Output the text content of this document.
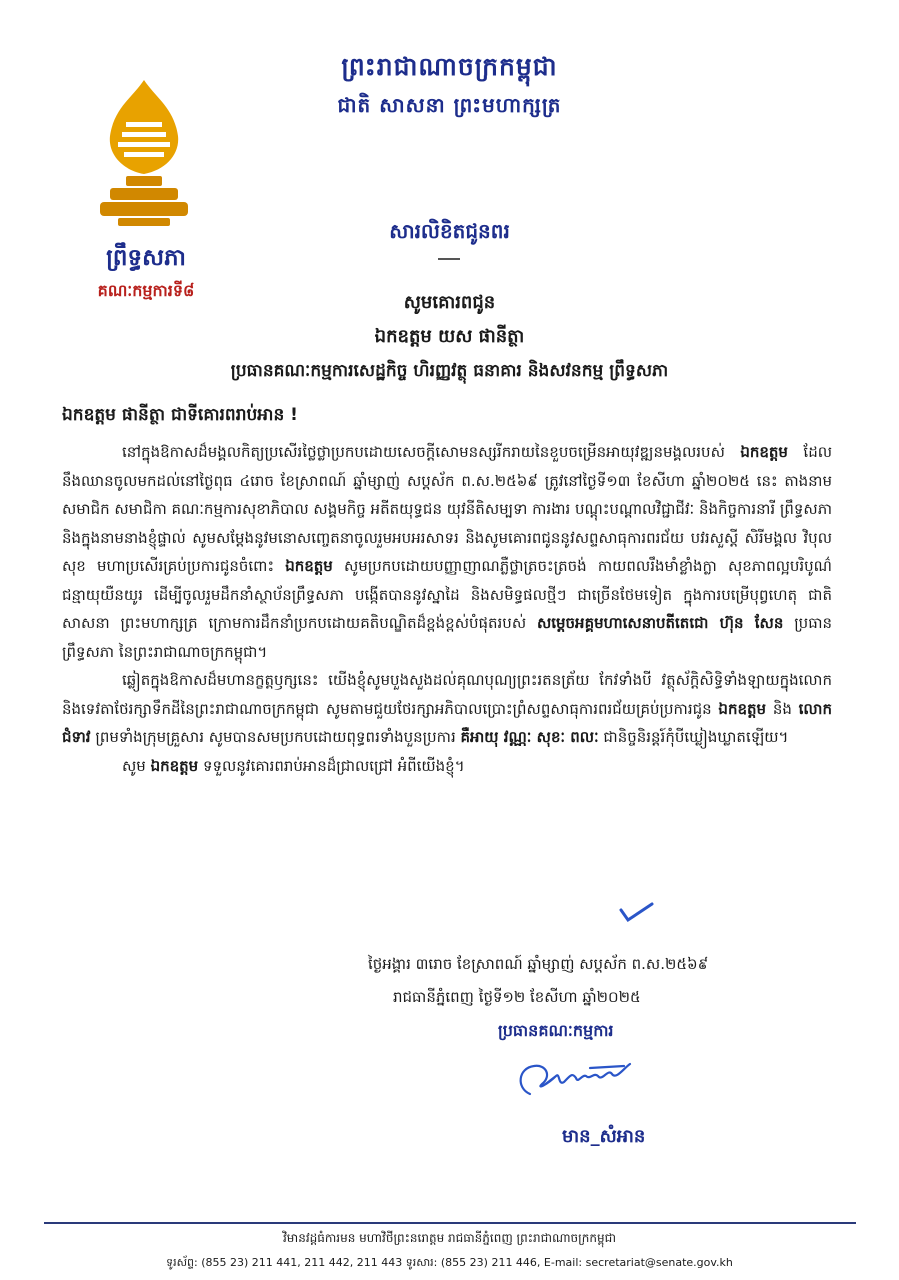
ព្រះរាជាណាចក្រកម្ពុជា
ជាតិ សាសនា ព្រះមហាក្សត្រ
ព្រឹទ្ធសភា
គណៈកម្មការទី៨
សារលិខិតជូនពរ
សូមគោរពជូន
ឯកឧត្តម យស ផានីត្ថា
ប្រធានគណៈកម្មការសេដ្ឋកិច្ច ហិរញ្ញវត្ថុ ធនាគារ និងសវនកម្ម ព្រឹទ្ធសភា
ឯកឧត្តម ផានីត្ថា ជាទីគោរពរាប់អាន !

នៅក្នុងឱកាសដ៏មង្គលកិត្យប្រសើរថ្លៃថ្លាប្រកបដោយសេចក្តីសោមនស្សរីករាយនៃខួបចម្រើនអាយុវឌ្ឍនមង្គលរបស់ ឯកឧត្តម ដែលនឹងឈានចូលមកដល់នៅថ្ងៃពុធ ៤រោច ខែស្រាពណ៍ ឆ្នាំម្សាញ់ សប្តស័ក ព.ស.២៥៦៩ ត្រូវនៅថ្ងៃទី១៣ ខែសីហា ឆ្នាំ២០២៥ នេះ តាងនាមសមាជិក សមាជិកា គណៈកម្មការសុខាភិបាល សង្គមកិច្ច អតីតយុទ្ធជន យុវនីតិសម្បទា ការងារ បណ្តុះបណ្តាលវិជ្ជាជីវៈ និងកិច្ចការនារី ព្រឹទ្ធសភា និងក្នុងនាមនាងខ្ញុំផ្ទាល់ សូមសម្តែងនូវមនោសញ្ចេតនាចូលរួមអបអរសាទរ និងសូមគោរពជូននូវសព្ទសាធុការពរជ័យ បវរសួស្តី សិរីមង្គល វិបុលសុខ មហាប្រសើរគ្រប់ប្រការជូនចំពោះ ឯកឧត្តម សូមប្រកបដោយបញ្ញាញាណភ្លឺថ្លាត្រចះត្រចង់ កាយពលរឹងមាំខ្លាំងក្លា សុខភាពល្អបរិបូណ៌ ជន្មាយុយឺនយូរ ដើម្បីចូលរួមដឹកនាំស្ថាប័នព្រឹទ្ធសភា បង្កើតបាននូវស្នាដៃ និងសមិទ្ធផលថ្មីៗ ជាច្រើនថែមទៀត ក្នុងការបម្រើបុព្វហេតុ ជាតិ សាសនា ព្រះមហាក្សត្រ ក្រោមការដឹកនាំប្រកបដោយគតិបណ្ឌិតដ៏ខ្ពង់ខ្ពស់បំផុតរបស់ សម្តេចអគ្គមហាសេនាបតីតេជោ ហ៊ុន សែន ប្រធានព្រឹទ្ធសភា នៃព្រះរាជាណាចក្រកម្ពុជា។

ឆ្លៀតក្នុងឱកាសដ៏មហានក្ខត្តឫក្សនេះ យើងខ្ញុំសូមបួងសួងដល់គុណបុណ្យព្រះរតនត្រ័យ កែវទាំងបី វត្ថុស័ក្តិសិទ្ធិទាំងឡាយក្នុងលោក និងទេវតាថែរក្សាទឹកដីនៃព្រះរាជាណាចក្រកម្ពុជា សូមតាមជួយថែរក្សាអភិបាលប្រោះព្រំសព្ទសាធុការពរជ័យគ្រប់ប្រការជូន ឯកឧត្តម និង លោកជំទាវ ព្រមទាំងក្រុមគ្រួសារ សូមបានសមប្រកបដោយពុទ្ធពរទាំងបួនប្រការ គឺអាយុ វណ្ណៈ សុខៈ ពលៈ ជានិច្ចនិរន្តរ៍កុំបីឃ្លៀងឃ្លាតឡើយ។

សូម ឯកឧត្តម ទទួលនូវគោរពរាប់អានដ៏ជ្រាលជ្រៅ អំពីយើងខ្ញុំ។

ថ្ងៃអង្គារ ៣រោច ខែស្រាពណ៍ ឆ្នាំម្សាញ់ សប្តស័ក ព.ស.២៥៦៩
រាជធានីភ្នំពេញ ថ្ងៃទី១២ ខែសីហា ឆ្នាំ២០២៥
ប្រធានគណៈកម្មការ
មាន_សំអាន
វិមានវដ្តធំការមន មហាវិថីព្រះនរោត្តម រាជធានីភ្នំពេញ ព្រះរាជាណាចក្រកម្ពុជា
ទូរស័ព្ទ: (855 23) 211 441, 211 442, 211 443 ទូរសារ: (855 23) 211 446, E-mail: secretariat@senate.gov.kh
